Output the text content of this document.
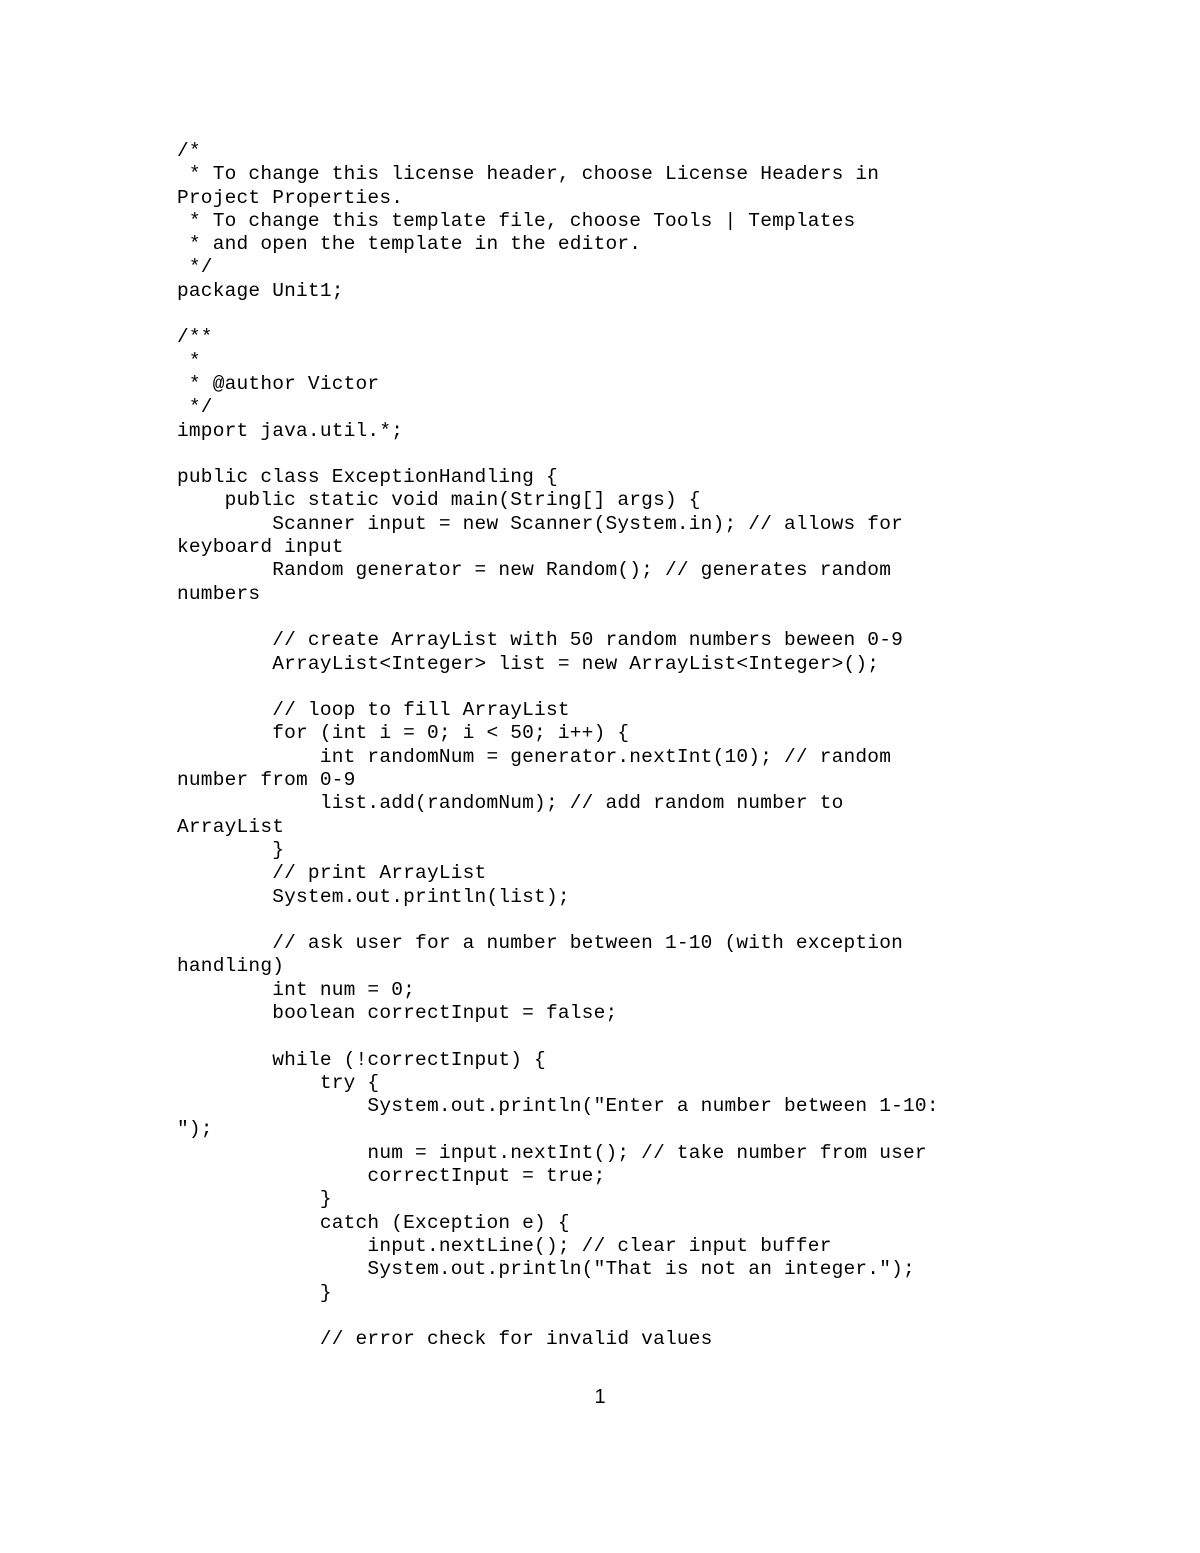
/*
* To change this license header, choose License Headers in
Project Properties.
* To change this template file, choose Tools | Templates
* and open the template in the editor.
*/
package Unit1;
/**
*
* @author Victor
*/
import java.util.*;
public class ExceptionHandling {
public static void main(String[] args) {
Scanner input = new Scanner(System.in); // allows for
keyboard input
Random generator = new Random(); // generates random
numbers
// create ArrayList with 50 random numbers beween 0-9
ArrayList<Integer> list = new ArrayList<Integer>();
// loop to fill ArrayList
for (int i = 0; i < 50; i++) {
int randomNum = generator.nextInt(10); // random
number from 0-9
list.add(randomNum); // add random number to
ArrayList
}
// print ArrayList
System.out.println(list);
// ask user for a number between 1-10 (with exception
handling)
int num = 0;
boolean correctInput = false;
while (!correctInput) {
try {
System.out.println("Enter a number between 1-10:
");
num = input.nextInt(); // take number from user
correctInput = true;
}
catch (Exception e) {
input.nextLine(); // clear input buffer
System.out.println("That is not an integer.");
}
// error check for invalid values
1
